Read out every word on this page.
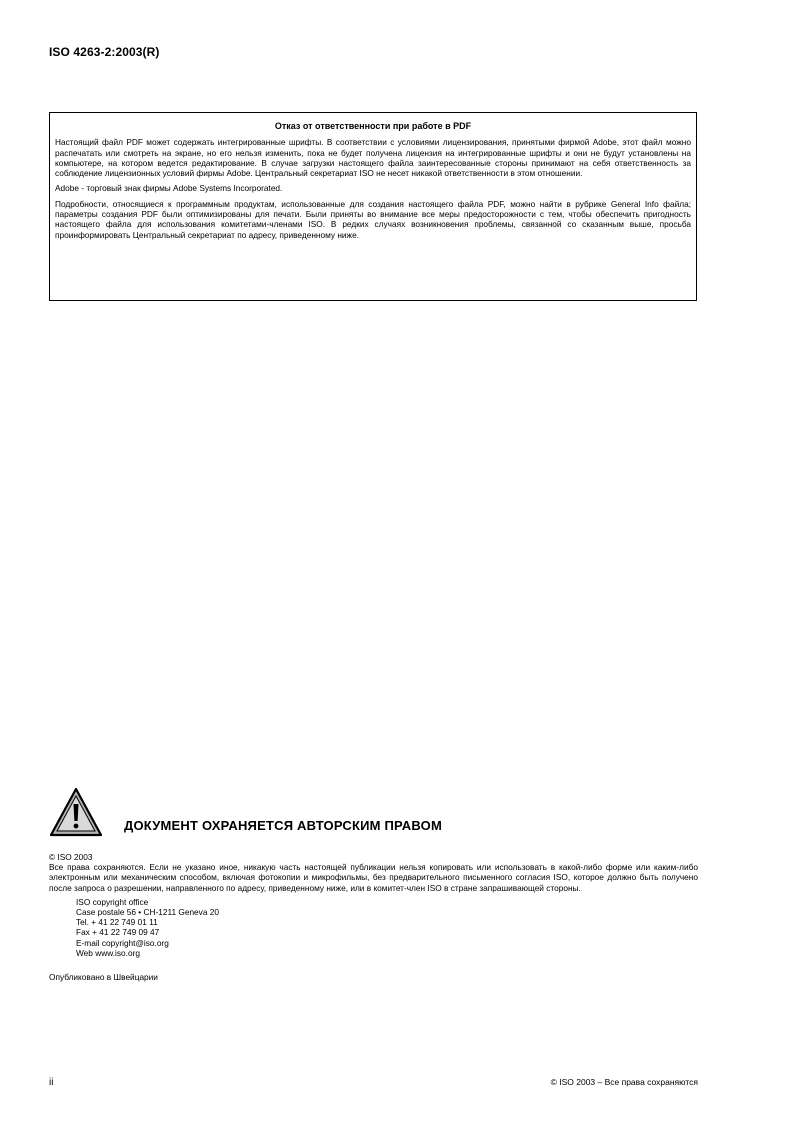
ISO 4263-2:2003(R)
Отказ от ответственности при работе в PDF

Настоящий файл PDF может содержать интегрированные шрифты. В соответствии с условиями лицензирования, принятыми фирмой Adobe, этот файл можно распечатать или смотреть на экране, но его нельзя изменить, пока не будет получена лицензия на интегрированные шрифты и они не будут установлены на компьютере, на котором ведется редактирование. В случае загрузки настоящего файла заинтересованные стороны принимают на себя ответственность за соблюдение лицензионных условий фирмы Adobe. Центральный секретариат ISO не несет никакой ответственности в этом отношении.

Adobe - торговый знак фирмы Adobe Systems Incorporated.

Подробности, относящиеся к программным продуктам, использованные для создания настоящего файла PDF, можно найти в рубрике General Info файла; параметры создания PDF были оптимизированы для печати. Были приняты во внимание все меры предосторожности с тем, чтобы обеспечить пригодность настоящего файла для использования комитетами-членами ISO. В редких случаях возникновения проблемы, связанной со сказанным выше, просьба проинформировать Центральный секретариат по адресу, приведенному ниже.

ДОКУМЕНТ ОХРАНЯЕТСЯ АВТОРСКИМ ПРАВОМ

© ISO 2003

Все права сохраняются. Если не указано иное, никакую часть настоящей публикации нельзя копировать или использовать в какой-либо форме или каким-либо электронным или механическим способом, включая фотокопии и микрофильмы, без предварительного письменного согласия ISO, которое должно быть получено после запроса о разрешении, направленного по адресу, приведенному ниже, или в комитет-член ISO в стране запрашивающей стороны.

ISO copyright office
Case postale 56 • CH-1211 Geneva 20
Tel. + 41 22 749 01 11
Fax + 41 22 749 09 47
E-mail copyright@iso.org
Web www.iso.org

Опубликовано в Швейцарии

ii	© ISO 2003 – Все права сохраняются
